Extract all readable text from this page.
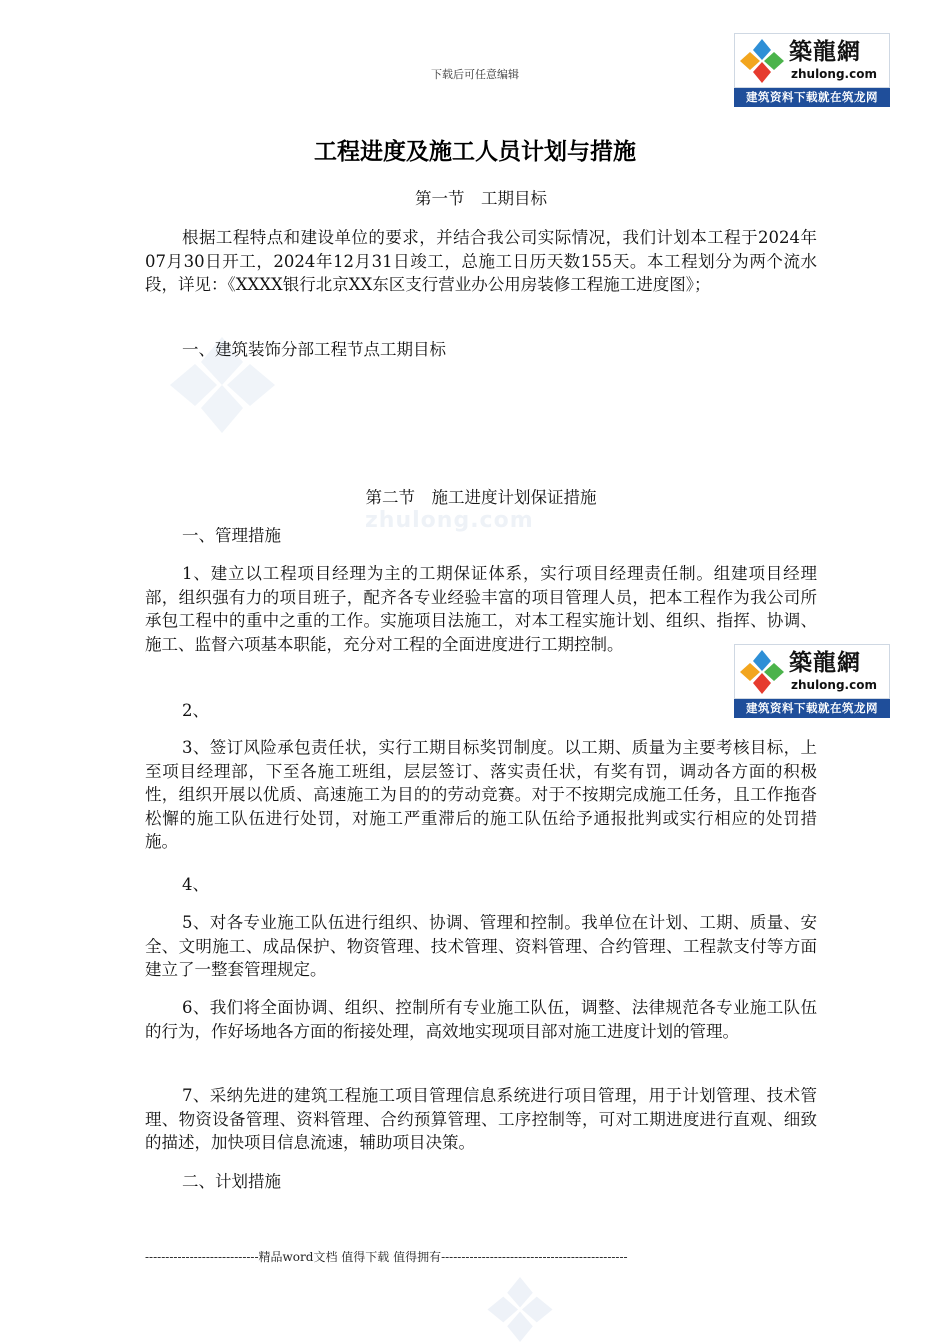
zhulong.com
下载后可任意编辑
築龍網
zhulong.com
建筑资料下载就在筑龙网
築龍網
zhulong.com
建筑资料下载就在筑龙网
工程进度及施工人员计划与措施

第一节　工期目标

根据工程特点和建设单位的要求，并结合我公司实际情况，我们计划本工程于2024年07月30日开工，2024年12月31日竣工，总施工日历天数155天。本工程划分为两个流水段，详见：《XXXX银行北京XX东区支行营业办公用房装修工程施工进度图》；

一、建筑装饰分部工程节点工期目标

第二节　施工进度计划保证措施

一、管理措施

1、建立以工程项目经理为主的工期保证体系，实行项目经理责任制。组建项目经理部，组织强有力的项目班子，配齐各专业经验丰富的项目管理人员，把本工程作为我公司所承包工程中的重中之重的工作。实施项目法施工，对本工程实施计划、组织、指挥、协调、施工、监督六项基本职能，充分对工程的全面进度进行工期控制。

2、

3、签订风险承包责任状，实行工期目标奖罚制度。以工期、质量为主要考核目标，上至项目经理部，下至各施工班组，层层签订、落实责任状，有奖有罚，调动各方面的积极性，组织开展以优质、高速施工为目的的劳动竞赛。对于不按期完成施工任务，且工作拖沓松懈的施工队伍进行处罚，对施工严重滞后的施工队伍给予通报批判或实行相应的处罚措施。

4、

5、对各专业施工队伍进行组织、协调、管理和控制。我单位在计划、工期、质量、安全、文明施工、成品保护、物资管理、技术管理、资料管理、合约管理、工程款支付等方面建立了一整套管理规定。

6、我们将全面协调、组织、控制所有专业施工队伍，调整、法律规范各专业施工队伍的行为，作好场地各方面的衔接处理，高效地实现项目部对施工进度计划的管理。

7、采纳先进的建筑工程施工项目管理信息系统进行项目管理，用于计划管理、技术管理、物资设备管理、资料管理、合约预算管理、工序控制等，可对工期进度进行直观、细致的描述，加快项目信息流速，辅助项目决策。

二、计划措施

----------------------------精品word文档 值得下载 值得拥有----------------------------------------------
